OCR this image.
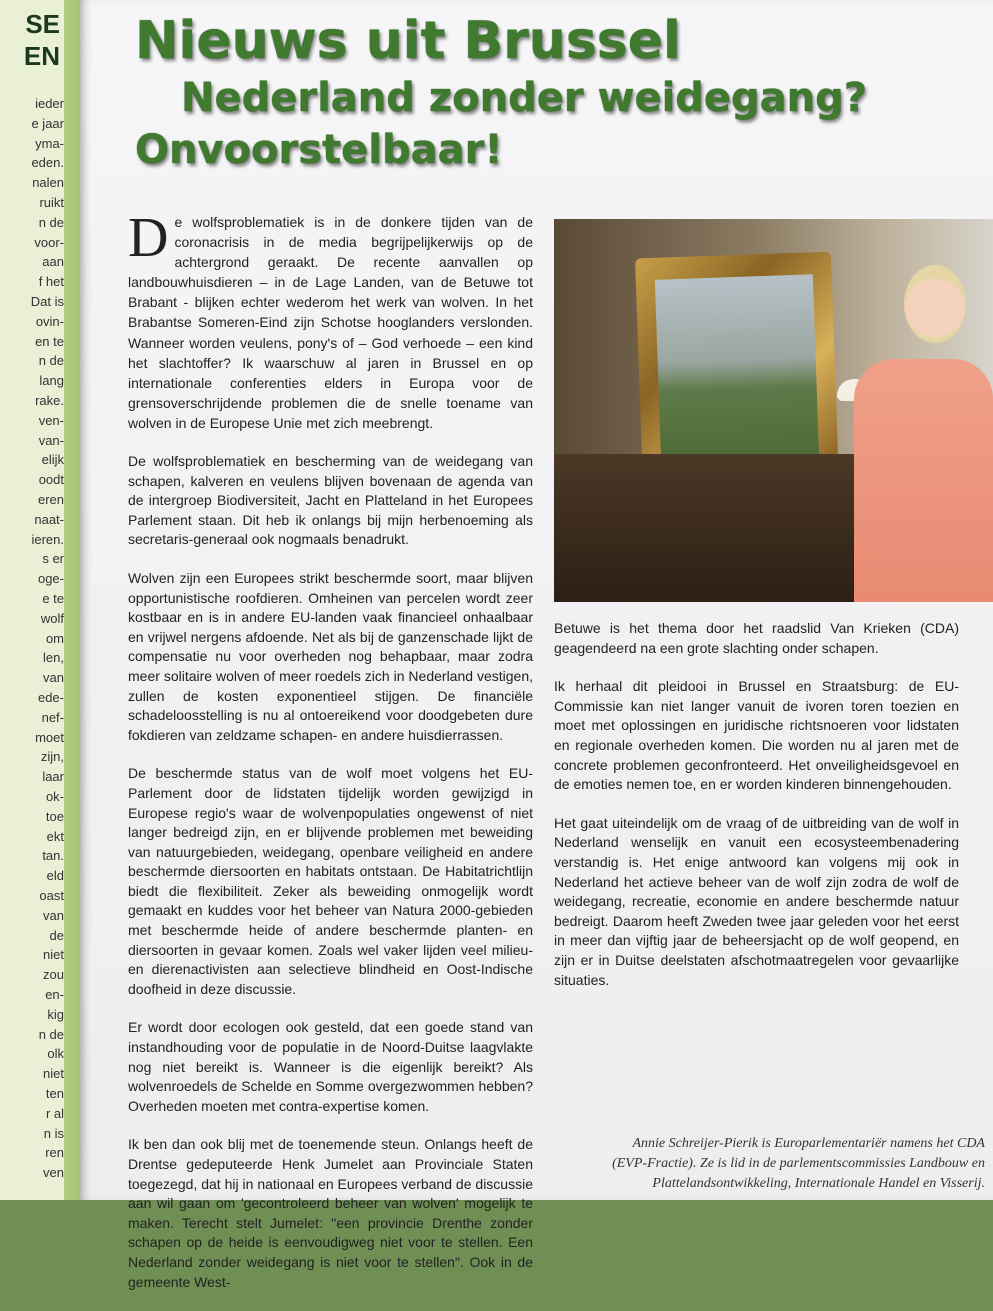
SE
EN
ieder
e jaar
yma-
eden.
nalen
ruikt
n de
voor-
aan
f het
Dat is
ovin-
en te
n de
lang
rake.
ven-
van-
elijk
oodt
eren
naat-
ieren.
s er
oge-
e te
wolf
om
len,
van
ede-
nef-
moet
zijn,
laar
ok-
toe
ekt
tan.
eld
oast
van
de
niet
zou
en-
kig
n de
olk
niet
ten
r al
n is
ren
ven
Nieuws uit Brussel
Nederland zonder weidegang?
Onvoorstelbaar!

De wolfsproblematiek is in de donkere tijden van de coronacrisis in de media begrijpelijkerwijs op de achtergrond geraakt. De recente aanvallen op landbouwhuisdieren – in de Lage Landen, van de Betuwe tot Brabant - blijken echter wederom het werk van wolven. In het Brabantse Someren-Eind zijn Schotse hooglanders verslonden. Wanneer worden veulens, pony's of – God verhoede – een kind het slachtoffer? Ik waarschuw al jaren in Brussel en op internationale conferenties elders in Europa voor de grensoverschrijdende problemen die de snelle toename van wolven in de Europese Unie met zich meebrengt.

De wolfsproblematiek en bescherming van de weidegang van schapen, kalveren en veulens blijven bovenaan de agenda van de intergroep Biodiversiteit, Jacht en Platteland in het Europees Parlement staan. Dit heb ik onlangs bij mijn herbenoeming als secretaris-generaal ook nogmaals benadrukt.

Wolven zijn een Europees strikt beschermde soort, maar blijven opportunistische roofdieren. Omheinen van percelen wordt zeer kostbaar en is in andere EU-landen vaak financieel onhaalbaar en vrijwel nergens afdoende. Net als bij de ganzenschade lijkt de compensatie nu voor overheden nog behapbaar, maar zodra meer solitaire wolven of meer roedels zich in Nederland vestigen, zullen de kosten exponentieel stijgen. De financiële schadeloosstelling is nu al ontoereikend voor doodgebeten dure fokdieren van zeldzame schapen- en andere huisdierrassen.

De beschermde status van de wolf moet volgens het EU-Parlement door de lidstaten tijdelijk worden gewijzigd in Europese regio's waar de wolvenpopulaties ongewenst of niet langer bedreigd zijn, en er blijvende problemen met beweiding van natuurgebieden, weidegang, openbare veiligheid en andere beschermde diersoorten en habitats ontstaan. De Habitatrichtlijn biedt die flexibiliteit. Zeker als beweiding onmogelijk wordt gemaakt en kuddes voor het beheer van Natura 2000-gebieden met beschermde heide of andere beschermde planten- en diersoorten in gevaar komen. Zoals wel vaker lijden veel milieu- en dierenactivisten aan selectieve blindheid en Oost-Indische doofheid in deze discussie.

Er wordt door ecologen ook gesteld, dat een goede stand van instandhouding voor de populatie in de Noord-Duitse laagvlakte nog niet bereikt is. Wanneer is die eigenlijk bereikt? Als wolvenroedels de Schelde en Somme overgezwommen hebben? Overheden moeten met contra-expertise komen.

Ik ben dan ook blij met de toenemende steun. Onlangs heeft de Drentse gedeputeerde Henk Jumelet aan Provinciale Staten toegezegd, dat hij in nationaal en Europees verband de discussie aan wil gaan om 'gecontroleerd beheer van wolven' mogelijk te maken. Terecht stelt Jumelet: "een provincie Drenthe zonder schapen op de heide is eenvoudigweg niet voor te stellen. Een Nederland zonder weidegang is niet voor te stellen". Ook in de gemeente West-

Betuwe is het thema door het raadslid Van Krieken (CDA) geagendeerd na een grote slachting onder schapen.

Ik herhaal dit pleidooi in Brussel en Straatsburg: de EU-Commissie kan niet langer vanuit de ivoren toren toezien en moet met oplossingen en juridische richtsnoeren voor lidstaten en regionale overheden komen. Die worden nu al jaren met de concrete problemen geconfronteerd. Het onveiligheidsgevoel en de emoties nemen toe, en er worden kinderen binnengehouden.

Het gaat uiteindelijk om de vraag of de uitbreiding van de wolf in Nederland wenselijk en vanuit een ecosysteembenadering verstandig is. Het enige antwoord kan volgens mij ook in Nederland het actieve beheer van de wolf zijn zodra de wolf de weidegang, recreatie, economie en andere beschermde natuur bedreigt. Daarom heeft Zweden twee jaar geleden voor het eerst in meer dan vijftig jaar de beheersjacht op de wolf geopend, en zijn er in Duitse deelstaten afschotmaatregelen voor gevaarlijke situaties.

Annie Schreijer-Pierik is Europarlementariër namens het CDA (EVP-Fractie). Ze is lid in de parlementscommissies Landbouw en Plattelandsontwikkeling, Internationale Handel en Visserij.
